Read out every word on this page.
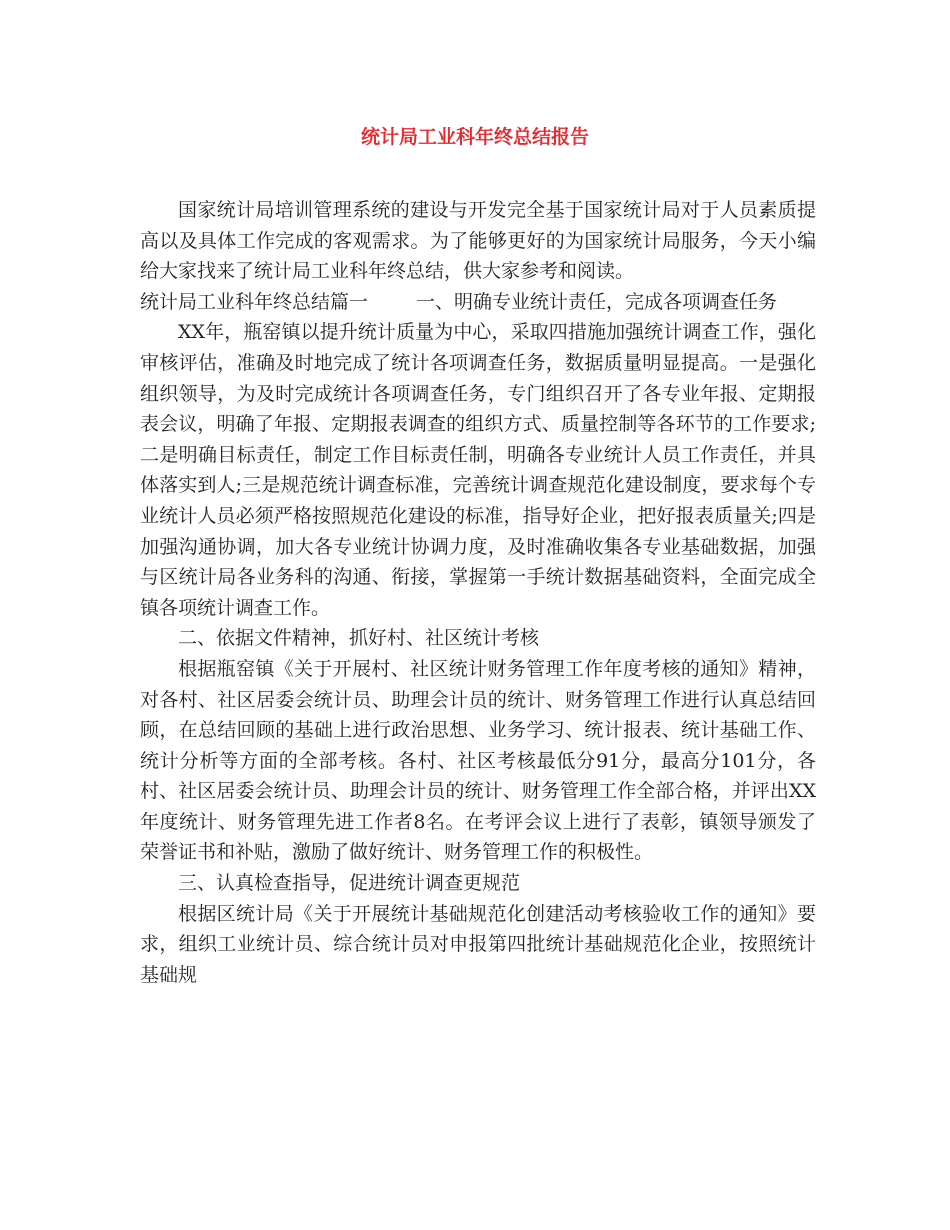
统计局工业科年终总结报告

国家统计局培训管理系统的建设与开发完全基于国家统计局对于人员素质提高以及具体工作完成的客观需求。为了能够更好的为国家统计局服务，今天小编给大家找来了统计局工业科年终总结，供大家参考和阅读。

统计局工业科年终总结篇一	一、明确专业统计责任，完成各项调查任务

XX年，瓶窑镇以提升统计质量为中心，采取四措施加强统计调查工作，强化审核评估，准确及时地完成了统计各项调查任务，数据质量明显提高。一是强化组织领导，为及时完成统计各项调查任务，专门组织召开了各专业年报、定期报表会议，明确了年报、定期报表调查的组织方式、质量控制等各环节的工作要求;二是明确目标责任，制定工作目标责任制，明确各专业统计人员工作责任，并具体落实到人;三是规范统计调查标准，完善统计调查规范化建设制度，要求每个专业统计人员必须严格按照规范化建设的标准，指导好企业，把好报表质量关;四是加强沟通协调，加大各专业统计协调力度，及时准确收集各专业基础数据，加强与区统计局各业务科的沟通、衔接，掌握第一手统计数据基础资料，全面完成全镇各项统计调查工作。

二、依据文件精神，抓好村、社区统计考核

根据瓶窑镇《关于开展村、社区统计财务管理工作年度考核的通知》精神，对各村、社区居委会统计员、助理会计员的统计、财务管理工作进行认真总结回顾，在总结回顾的基础上进行政治思想、业务学习、统计报表、统计基础工作、统计分析等方面的全部考核。各村、社区考核最低分91分，最高分101分，各村、社区居委会统计员、助理会计员的统计、财务管理工作全部合格，并评出XX年度统计、财务管理先进工作者8名。在考评会议上进行了表彰，镇领导颁发了荣誉证书和补贴，激励了做好统计、财务管理工作的积极性。

三、认真检查指导，促进统计调查更规范

根据区统计局《关于开展统计基础规范化创建活动考核验收工作的通知》要求，组织工业统计员、综合统计员对申报第四批统计基础规范化企业，按照统计基础规
